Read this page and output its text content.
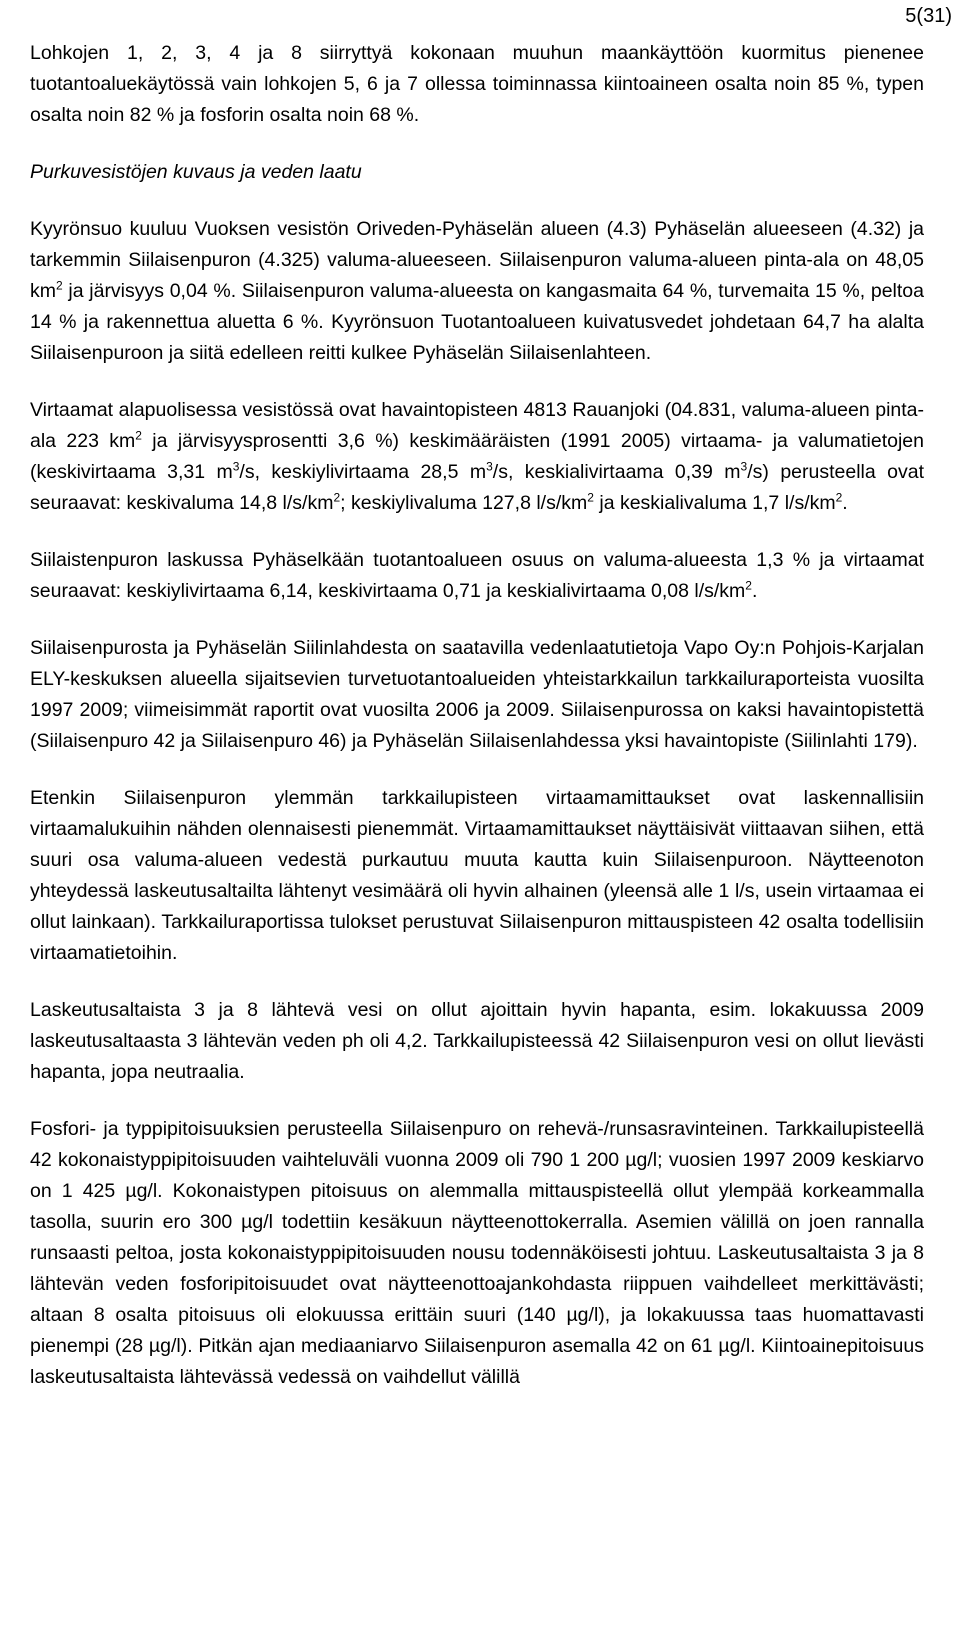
5(31)

Lohkojen 1, 2, 3, 4 ja 8 siirryttyä kokonaan muuhun maankäyttöön kuormitus pienenee tuotantoaluekäytössä vain lohkojen 5, 6 ja 7 ollessa toiminnassa kiintoaineen osalta noin 85 %, typen osalta noin 82 % ja fosforin osalta noin 68 %.

Purkuvesistöjen kuvaus ja veden laatu

Kyyrönsuo kuuluu Vuoksen vesistön Oriveden-Pyhäselän alueen (4.3) Pyhäselän alueeseen (4.32) ja tarkemmin Siilaisenpuron (4.325) valuma-alueeseen. Siilaisenpuron valuma-alueen pinta-ala on 48,05 $km^2$ ja järvisyys 0,04 %. Siilaisenpuron valuma-alueesta on kangasmaita 64 %, turvemaita 15 %, peltoa 14 % ja rakennettua aluetta 6 %. Kyyrönsuon Tuotantoalueen kuivatusvedet johdetaan 64,7 ha alalta Siilaisenpuroon ja siitä edelleen reitti kulkee Pyhäselän Siilaisenlahteen.

Virtaamat alapuolisessa vesistössä ovat havaintopisteen 4813 Rauanjoki (04.831, valuma-alueen pinta-ala 223 $km^2$ ja järvisyysprosentti 3,6 %) keskimääräisten (1991 2005) virtaama- ja valumatietojen (keskivirtaama 3,31 $m^3/s$, keskiylivirtaama 28,5 $m^3/s$, keskialivirtaama 0,39 $m^3/s$) perusteella ovat seuraavat: keskivaluma 14,8 $l/s/km^2$; keskiylivaluma 127,8 $l/s/km^2$ ja keskialivaluma 1,7 $l/s/km^2$.

Siilaistenpuron laskussa Pyhäselkään tuotantoalueen osuus on valuma-alueesta 1,3 % ja virtaamat seuraavat: keskiylivirtaama 6,14, keskivirtaama 0,71 ja keskialivirtaama 0,08 $l/s/km^2$.

Siilaisenpurosta ja Pyhäselän Siilinlahdesta on saatavilla vedenlaatutietoja Vapo Oy:n Pohjois-Karjalan ELY-keskuksen alueella sijaitsevien turvetuotantoalueiden yhteistarkkailun tarkkailuraporteista vuosilta 1997 2009; viimeisimmät raportit ovat vuosilta 2006 ja 2009. Siilaisenpurossa on kaksi havaintopistettä (Siilaisenpuro 42 ja Siilaisenpuro 46) ja Pyhäselän Siilaisenlahdessa yksi havaintopiste (Siilinlahti 179).

Etenkin Siilaisenpuron ylemmän tarkkailupisteen virtaamamittaukset ovat laskennallisiin virtaamalukuihin nähden olennaisesti pienemmät. Virtaamamittaukset näyttäisivät viittaavan siihen, että suuri osa valuma-alueen vedestä purkautuu muuta kautta kuin Siilaisenpuroon. Näytteenoton yhteydessä laskeutusaltailta lähtenyt vesimäärä oli hyvin alhainen (yleensä alle 1 l/s, usein virtaamaa ei ollut lainkaan). Tarkkailuraportissa tulokset perustuvat Siilaisenpuron mittauspisteen 42 osalta todellisiin virtaamatietoihin.

Laskeutusaltaista 3 ja 8 lähtevä vesi on ollut ajoittain hyvin hapanta, esim. lokakuussa 2009 laskeutusaltaasta 3 lähtevän veden ph oli 4,2. Tarkkailupisteessä 42 Siilaisenpuron vesi on ollut lievästi hapanta, jopa neutraalia.

Fosfori- ja typpipitoisuuksien perusteella Siilaisenpuro on rehevä-/runsasravinteinen. Tarkkailupisteellä 42 kokonaistyppipitoisuuden vaihteluväli vuonna 2009 oli 790 1 200 µg/l; vuosien 1997 2009 keskiarvo on 1 425 µg/l. Kokonaistypen pitoisuus on alemmalla mittauspisteellä ollut ylempää korkeammalla tasolla, suurin ero 300 µg/l todettiin kesäkuun näytteenottokerralla. Asemien välillä on joen rannalla runsaasti peltoa, josta kokonaistyppipitoisuuden nousu todennäköisesti johtuu. Laskeutusaltaista 3 ja 8 lähtevän veden fosforipitoisuudet ovat näytteenottoajankohdasta riippuen vaihdelleet merkittävästi; altaan 8 osalta pitoisuus oli elokuussa erittäin suuri (140 µg/l), ja lokakuussa taas huomattavasti pienempi (28 µg/l). Pitkän ajan mediaaniarvo Siilaisenpuron asemalla 42 on 61 µg/l. Kiintoainepitoisuus laskeutusaltaista lähtevässä vedessä on vaihdellut välillä
